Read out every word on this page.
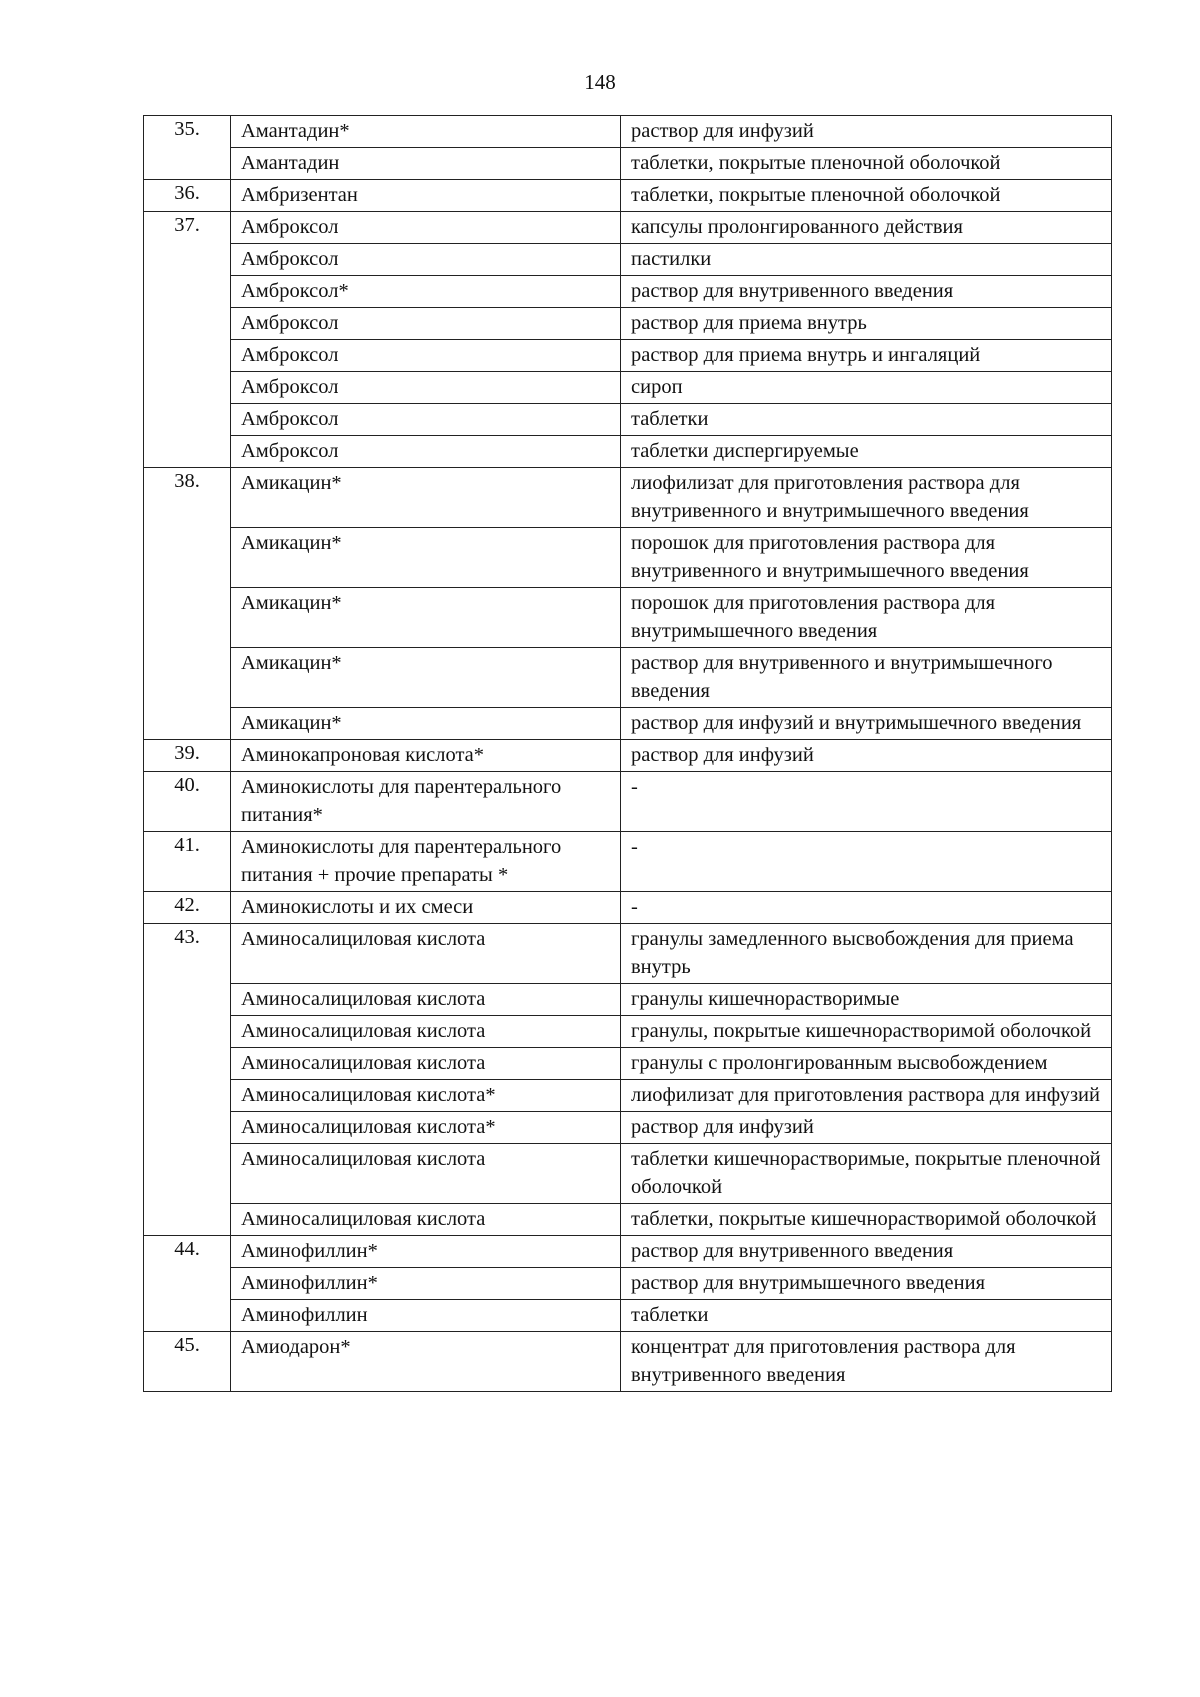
148
35.	Амантадин*	раствор для инфузий
	Амантадин	таблетки, покрытые пленочной оболочкой
36.	Амбризентан	таблетки, покрытые пленочной оболочкой
37.	Амброксол	капсулы пролонгированного действия
	Амброксол	пастилки
	Амброксол*	раствор для внутривенного введения
	Амброксол	раствор для приема внутрь
	Амброксол	раствор для приема внутрь и ингаляций
	Амброксол	сироп
	Амброксол	таблетки
	Амброксол	таблетки диспергируемые
38.	Амикацин*	лиофилизат для приготовления раствора для внутривенного и внутримышечного введения
	Амикацин*	порошок для приготовления раствора для внутривенного и внутримышечного введения
	Амикацин*	порошок для приготовления раствора для внутримышечного введения
	Амикацин*	раствор для внутривенного и внутримышечного введения
	Амикацин*	раствор для инфузий и внутримышечного введения
39.	Аминокапроновая кислота*	раствор для инфузий
40.	Аминокислоты для парентерального питания*	-
41.	Аминокислоты для парентерального питания + прочие препараты *	-
42.	Аминокислоты и их смеси	-
43.	Аминосалициловая кислота	гранулы замедленного высвобождения для приема внутрь
	Аминосалициловая кислота	гранулы кишечнорастворимые
	Аминосалициловая кислота	гранулы, покрытые кишечнорастворимой оболочкой
	Аминосалициловая кислота	гранулы с пролонгированным высвобождением
	Аминосалициловая кислота*	лиофилизат для приготовления раствора для инфузий
	Аминосалициловая кислота*	раствор для инфузий
	Аминосалициловая кислота	таблетки кишечнорастворимые, покрытые пленочной оболочкой
	Аминосалициловая кислота	таблетки, покрытые кишечнорастворимой оболочкой
44.	Аминофиллин*	раствор для внутривенного введения
	Аминофиллин*	раствор для внутримышечного введения
	Аминофиллин	таблетки
45.	Амиодарон*	концентрат для приготовления раствора для внутривенного введения
